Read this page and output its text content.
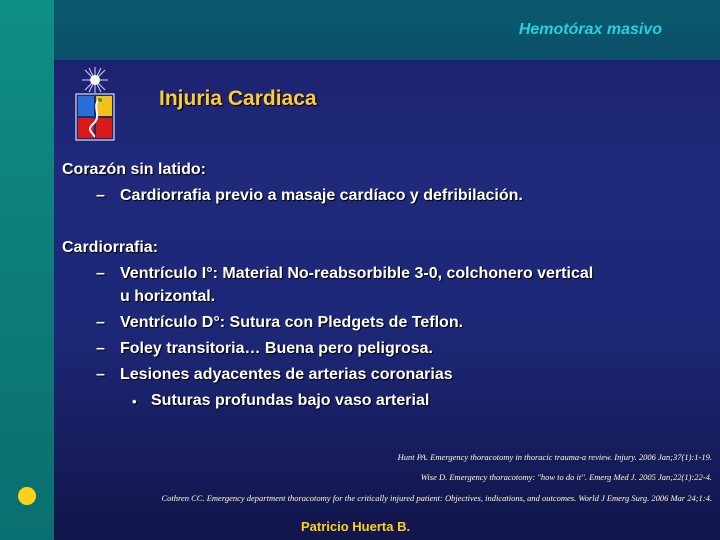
Hemotórax masivo
Injuria Cardiaca
Corazón sin latido:
– Cardiorrafia previo a masaje cardíaco y defribilación.
Cardiorrafia:
– Ventrículo I°: Material No-reabsorbible 3-0, colchonero vertical
u horizontal.
– Ventrículo D°: Sutura con Pledgets de Teflon.
– Foley transitoria… Buena pero peligrosa.
– Lesiones adyacentes de arterias coronarias
• Suturas profundas bajo vaso arterial
Hunt PA. Emergency thoracotomy in thoracic trauma-a review. Injury. 2006 Jan;37(1):1-19.
Wise D. Emergency thoracotomy: "how to do it". Emerg Med J. 2005 Jan;22(1):22-4.
Cothren CC. Emergency department thoracotomy for the critically injured patient: Objectives, indications, and outcomes. World J Emerg Surg. 2006 Mar 24;1:4.
Patricio Huerta B.
